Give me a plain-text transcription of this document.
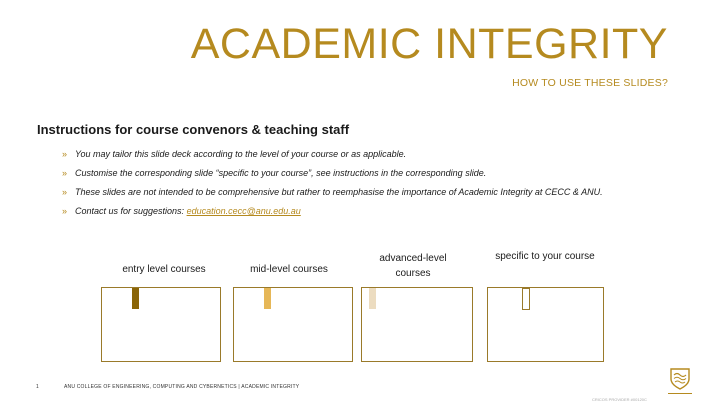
ACADEMIC INTEGRITY
HOW TO USE THESE SLIDES?
Instructions for course convenors & teaching staff
» You may tailor this slide deck according to the level of your course or as applicable.
» Customise the corresponding slide “specific to your course”, see instructions in the corresponding slide.
» These slides are not intended to be comprehensive but rather to reemphasise the importance of Academic Integrity at CECC & ANU.
» Contact us for suggestions: education.cecc@anu.edu.au
entry level courses	mid-level courses
advanced-level courses
specific to your course
1	ANU COLLEGE OF ENGINEERING, COMPUTING AND CYBERNETICS | ACADEMIC INTEGRITY
CRICOS PROVIDER #00120C
